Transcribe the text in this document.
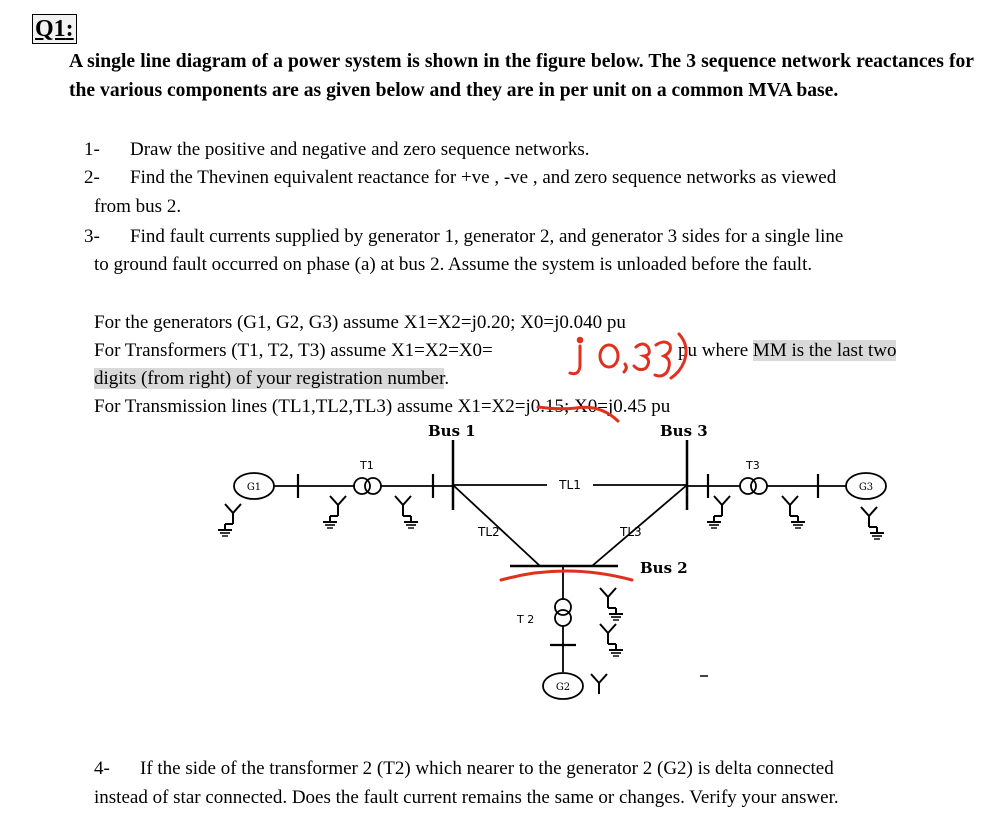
Q1:
A single line diagram of a power system is shown in the figure below. The 3 sequence network reactances for the various components are as given below and they are in per unit on a common MVA base.
1- Draw the positive and negative and zero sequence networks.
2- Find the Thevinen equivalent reactance for +ve , -ve , and zero sequence networks as viewed
from bus 2.
3- Find fault currents supplied by generator 1, generator 2, and generator 3 sides for a single line
to ground fault occurred on phase (a) at bus 2. Assume the system is unloaded before the fault.
For the generators (G1, G2, G3) assume X1=X2=j0.20; X0=j0.040 pu
For Transformers (T1, T2, T3) assume X1=X2=X0=	pu where MM is the last two
digits (from right) of your registration number.
For Transmission lines (TL1,TL2,TL3) assume X1=X2=j0.15; X0=j0.45 pu
4- If the side of the transformer 2 (T2) which nearer to the generator 2 (G2) is delta connected
instead of star connected. Does the fault current remains the same or changes. Verify your answer.
Bus 1	Bus 3
Bus 2
TL1
TL2	TL3
G1
T1	T3
G3
T 2
G2
